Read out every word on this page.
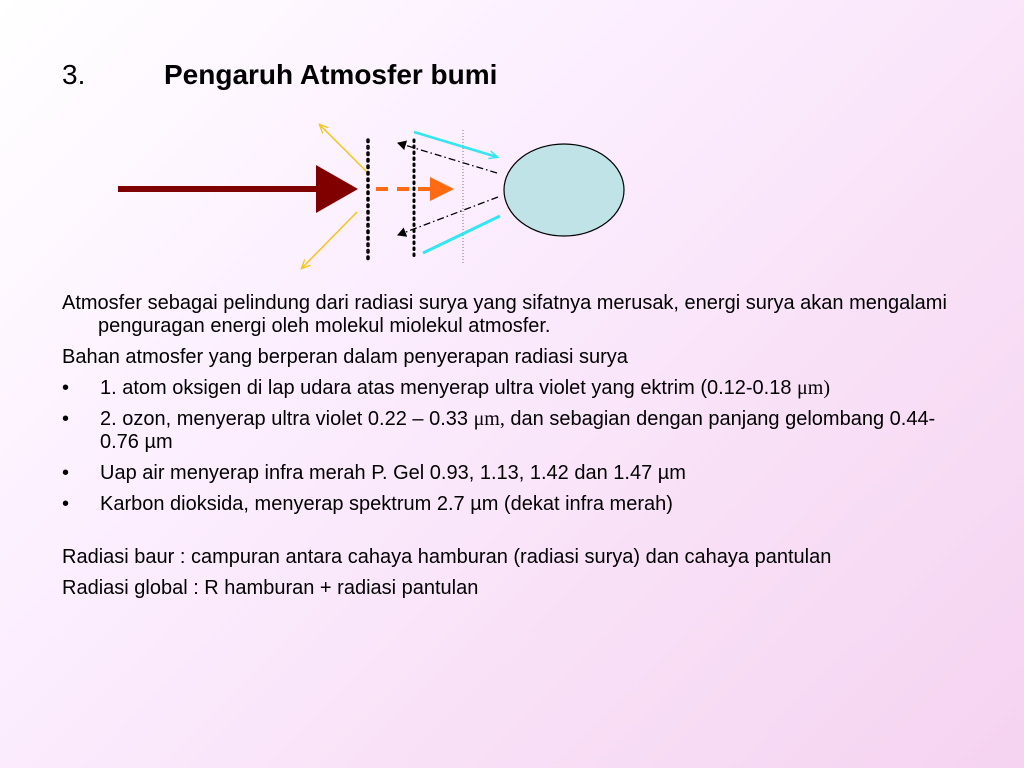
3.	Pengaruh Atmosfer bumi
Atmosfer sebagai pelindung dari radiasi surya yang sifatnya merusak, energi surya akan mengalami penguragan energi oleh molekul miolekul atmosfer.
Bahan atmosfer yang berperan dalam penyerapan radiasi surya
• 1. atom oksigen di lap udara atas menyerap ultra violet yang ektrim (0.12-0.18 μm)
• 2. ozon, menyerap ultra violet 0.22 – 0.33 μm, dan sebagian dengan panjang gelombang 0.44-0.76 µm
• Uap air menyerap infra merah P. Gel 0.93, 1.13, 1.42 dan 1.47 µm
• Karbon dioksida, menyerap spektrum 2.7 µm (dekat infra merah)
Radiasi baur : campuran antara cahaya hamburan (radiasi surya) dan cahaya pantulan
Radiasi global : R hamburan + radiasi pantulan
